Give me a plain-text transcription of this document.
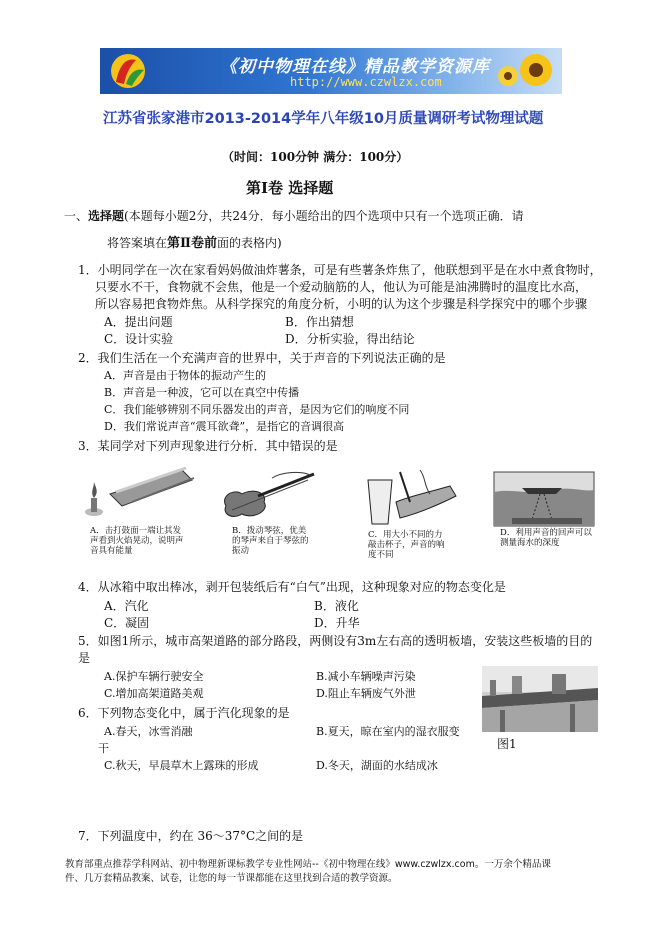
《初中物理在线》精品教学资源库
http://www.czwlzx.com
江苏省张家港市2013-2014学年八年级10月质量调研考试物理试题
（时间：100分钟 满分：100分）
第Ⅰ卷 选择题
一、选择题(本题每小题2分，共24分．每小题给出的四个选项中只有一个选项正确．请
将答案填在第Ⅱ卷前面的表格内)
1．小明同学在一次在家看妈妈做油炸薯条，可是有些薯条炸焦了，他联想到平是在水中煮食物时，
只要水不干，食物就不会焦，他是一个爱动脑筋的人，他认为可能是油沸腾时的温度比水高，
所以容易把食物炸焦。从科学探究的角度分析，小明的认为这个步骤是科学探究中的哪个步骤
A．提出问题	B．作出猜想
C．设计实验	D．分析实验，得出结论
2．我们生活在一个充满声音的世界中，关于声音的下列说法正确的是
A．声音是由于物体的振动产生的
B．声音是一种波，它可以在真空中传播
C．我们能够辨别不同乐器发出的声音，是因为它们的响度不同
D．我们常说声音“震耳欲聋”，是指它的音调很高
3．某同学对下列声现象进行分析．其中错误的是
A．击打鼓面一端让其发声看到火焰晃动，说明声音具有能量
B．拨动琴弦，优美的琴声来自于琴弦的振动
C．用大小不同的力敲击杯子，声音的响度不同
D．利用声音的回声可以测量海水的深度
4．从冰箱中取出棒冰，剥开包装纸后有“白气”出现，这种现象对应的物态变化是
A．汽化	B．液化
C．凝固	D．升华
5．如图1所示，城市高架道路的部分路段，两侧设有3m左右高的透明板墙，安装这些板墙的目的
是
A.保护车辆行驶安全	B.减小车辆噪声污染
C.增加高架道路美观	D.阻止车辆废气外泄
图1
6．下列物态变化中，属于汽化现象的是
A.春天，冰雪消融	B.夏天，晾在室内的湿衣服变
干
C.秋天，早晨草木上露珠的形成	D.冬天，湖面的水结成冰
7．下列温度中，约在 36～37°C之间的是
教育部重点推荐学科网站、初中物理新课标教学专业性网站--《初中物理在线》www.czwlzx.com。一万余个精品课
件、几万套精品教案、试卷，让您的每一节课都能在这里找到合适的教学资源。
